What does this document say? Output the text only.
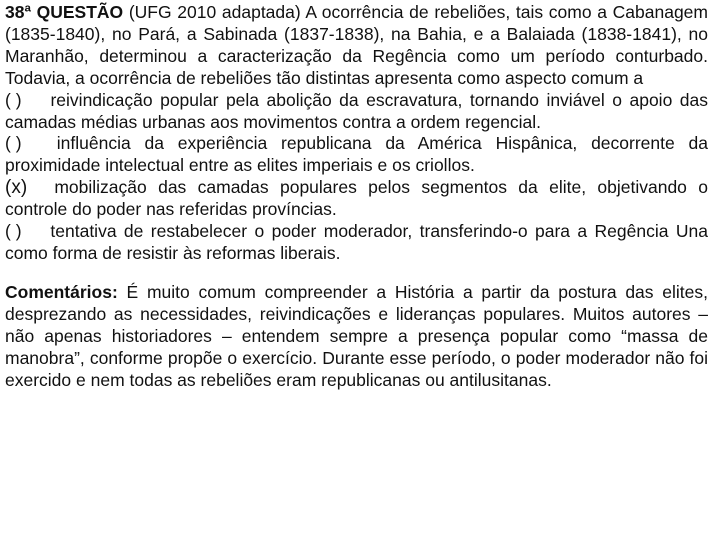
38ª QUESTÃO (UFG 2010 adaptada) A ocorrência de rebeliões, tais como a Cabanagem (1835-1840), no Pará, a Sabinada (1837-1838), na Bahia, e a Balaiada (1838-1841), no Maranhão, determinou a caracterização da Regência como um período conturbado. Todavia, a ocorrência de rebeliões tão distintas apresenta como aspecto comum a

( ) reivindicação popular pela abolição da escravatura, tornando inviável o apoio das camadas médias urbanas aos movimentos contra a ordem regencial.

( ) influência da experiência republicana da América Hispânica, decorrente da proximidade intelectual entre as elites imperiais e os criollos.

(x) mobilização das camadas populares pelos segmentos da elite, objetivando o controle do poder nas referidas províncias.

( ) tentativa de restabelecer o poder moderador, transferindo-o para a Regência Una como forma de resistir às reformas liberais.

Comentários: É muito comum compreender a História a partir da postura das elites, desprezando as necessidades, reivindicações e lideranças populares. Muitos autores – não apenas historiadores – entendem sempre a presença popular como “massa de manobra”, conforme propõe o exercício. Durante esse período, o poder moderador não foi exercido e nem todas as rebeliões eram republicanas ou antilusitanas.
